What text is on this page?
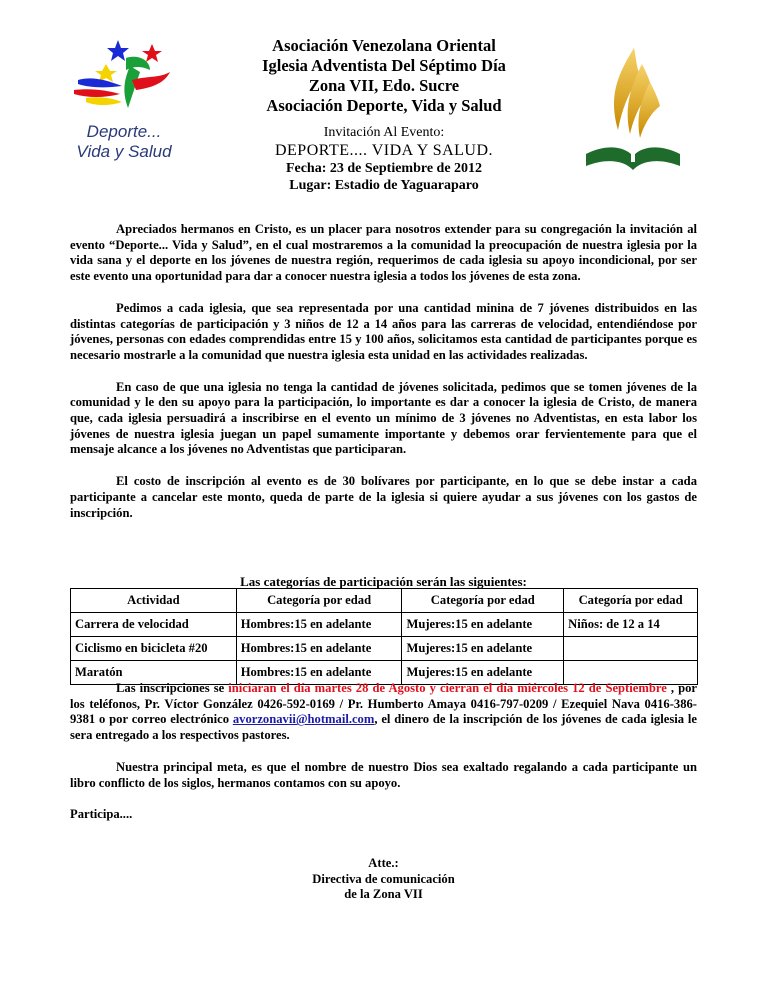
Deporte...
Vida y Salud
Asociación Venezolana Oriental
Iglesia Adventista Del Séptimo Día
Zona VII, Edo. Sucre
Asociación Deporte, Vida y Salud
Invitación Al Evento:
DEPORTE.... VIDA Y SALUD.
Fecha: 23 de Septiembre de 2012
Lugar: Estadio de Yaguaraparo

Apreciados hermanos en Cristo, es un placer para nosotros extender para su congregación la invitación al evento “Deporte... Vida y Salud”, en el cual mostraremos a la comunidad la preocupación de nuestra iglesia por la vida sana y el deporte en los jóvenes de nuestra región, requerimos de cada iglesia su apoyo incondicional, por ser este evento una oportunidad para dar a conocer nuestra iglesia a todos los jóvenes de esta zona.

Pedimos a cada iglesia, que sea representada por una cantidad minina de 7 jóvenes distribuidos en las distintas categorías de participación y 3 niños de 12 a 14 años para las carreras de velocidad, entendiéndose por jóvenes, personas con edades comprendidas entre 15 y 100 años, solicitamos esta cantidad de participantes porque es necesario mostrarle a la comunidad que nuestra iglesia esta unidad en las actividades realizadas.

En caso de que una iglesia no tenga la cantidad de jóvenes solicitada, pedimos que se tomen jóvenes de la comunidad y le den su apoyo para la participación, lo importante es dar a conocer la iglesia de Cristo, de manera que, cada iglesia persuadirá a inscribirse en el evento un mínimo de 3 jóvenes no Adventistas, en esta labor los jóvenes de nuestra iglesia juegan un papel sumamente importante y debemos orar fervientemente para que el mensaje alcance a los jóvenes no Adventistas que participaran.

El costo de inscripción al evento es de 30 bolívares por participante, en lo que se debe instar a cada participante a cancelar este monto, queda de parte de la iglesia si quiere ayudar a sus jóvenes con los gastos de inscripción.

Las categorías de participación serán las siguientes:
Actividad	Categoría por edad	Categoría por edad	Categoría por edad
Carrera de velocidad	Hombres:15 en adelante	Mujeres:15 en adelante	Niños: de 12 a 14
Ciclismo en bicicleta #20	Hombres:15 en adelante	Mujeres:15 en adelante	
Maratón	Hombres:15 en adelante	Mujeres:15 en adelante	

Las inscripciones se iniciaran el día martes 28 de Agosto y cierran el día miércoles 12 de Septiembre , por los teléfonos, Pr. Víctor González 0426-592-0169 / Pr. Humberto Amaya 0416-797-0209 / Ezequiel Nava 0416-386-9381 o por correo electrónico avorzonavii@hotmail.com, el dinero de la inscripción de los jóvenes de cada iglesia le sera entregado a los respectivos pastores.

Nuestra principal meta, es que el nombre de nuestro Dios sea exaltado regalando a cada participante un libro conflicto de los siglos, hermanos contamos con su apoyo.

Participa....

Atte.:
Directiva de comunicación
de la Zona VII
